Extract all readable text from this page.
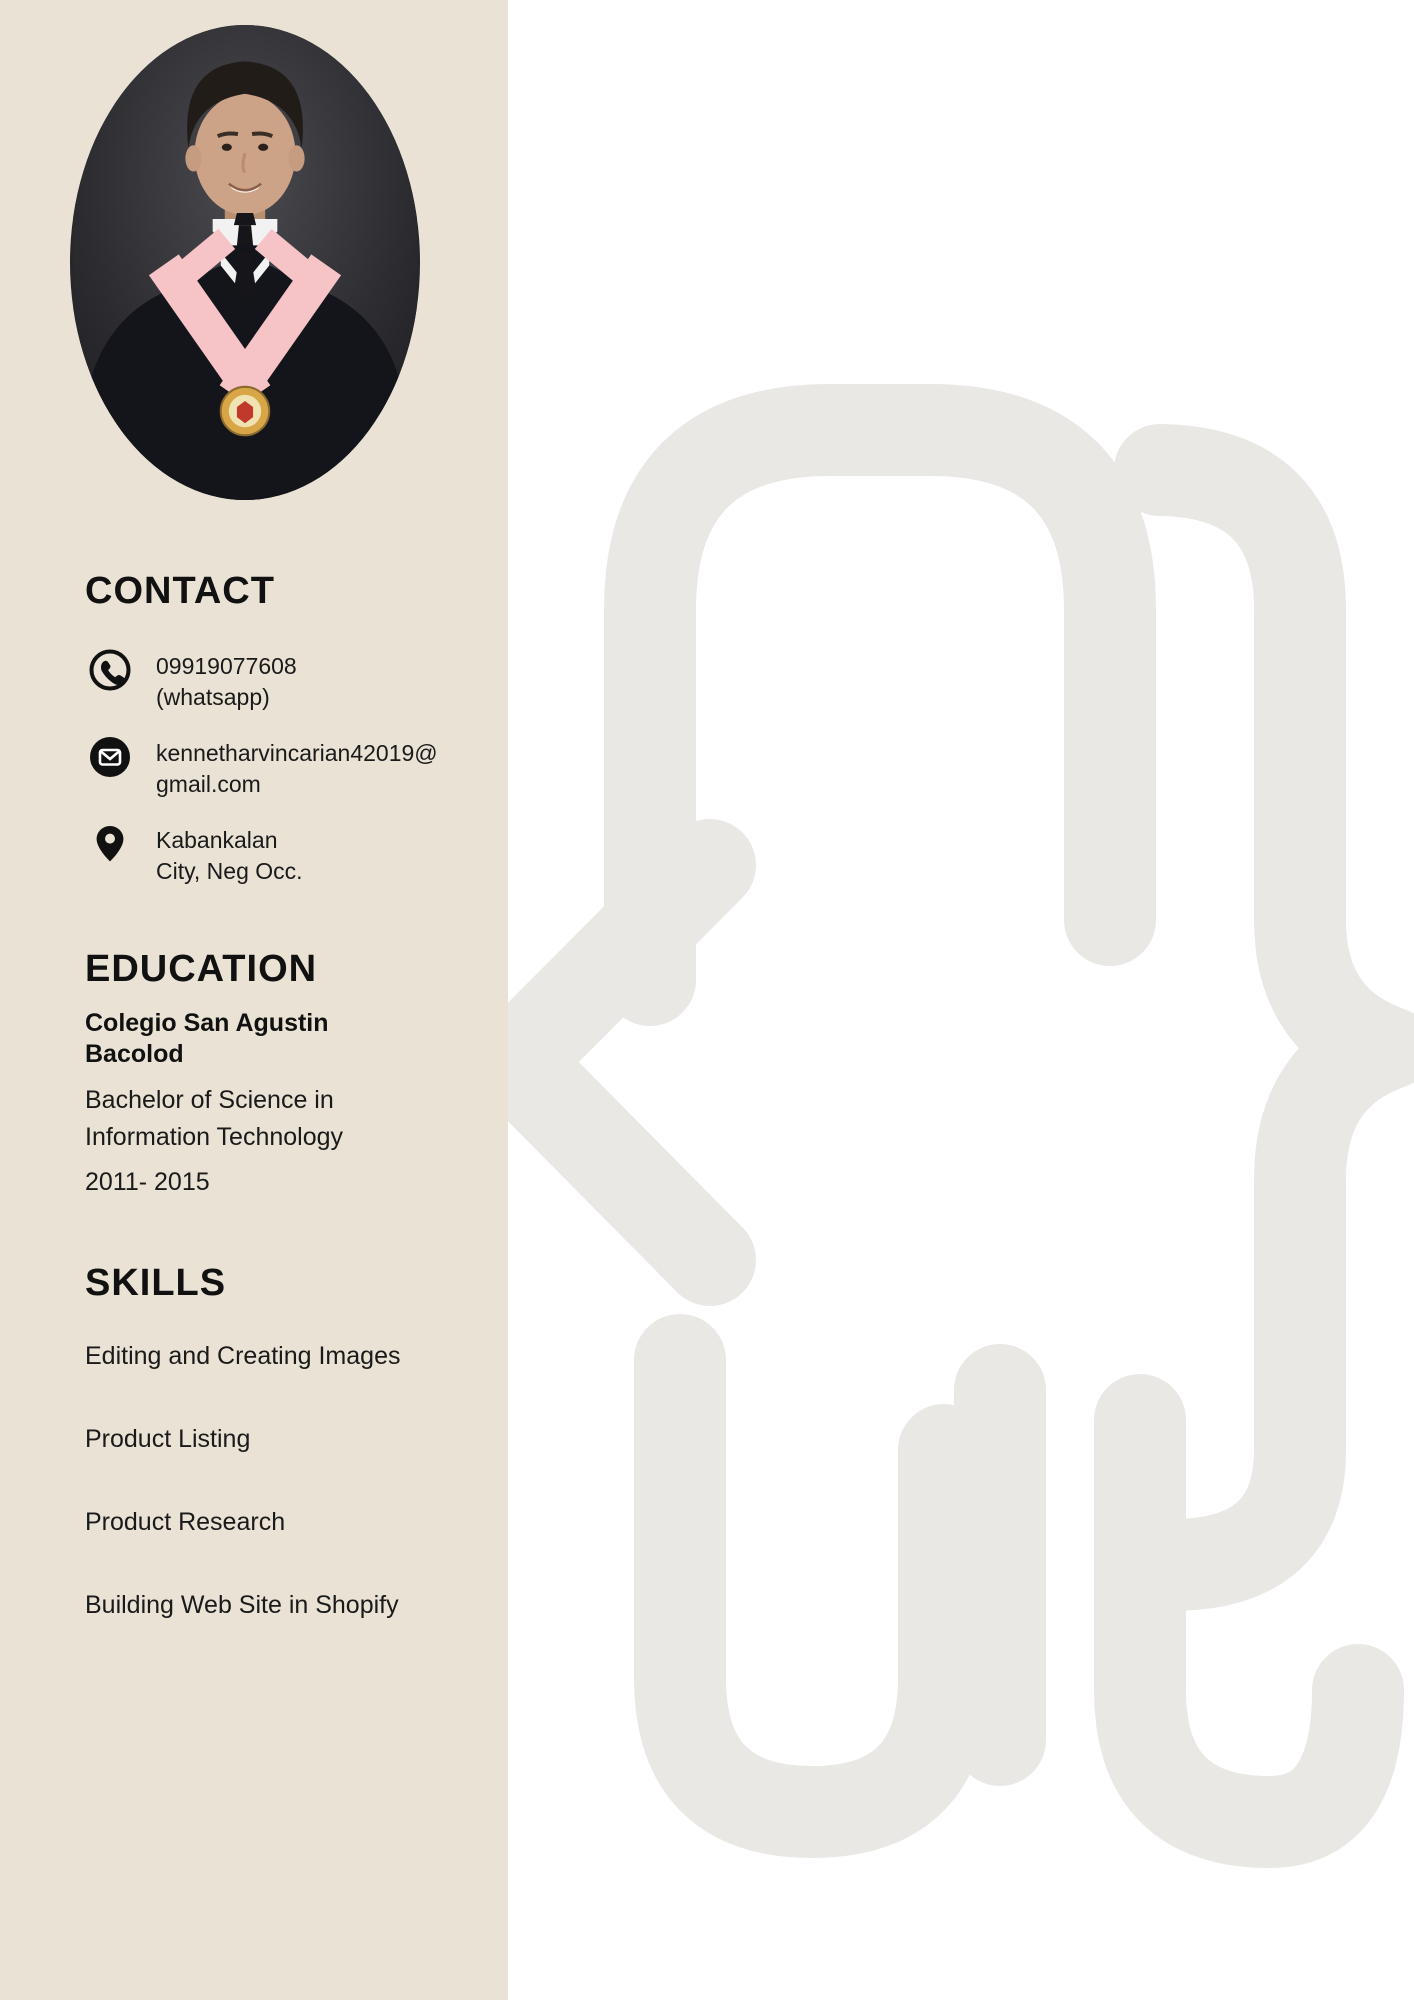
CONTACT
09919077608
(whatsapp)
kennetharvincarian42019@
gmail.com
Kabankalan
City, Neg Occ.
EDUCATION
Colegio San Agustin
Bacolod
Bachelor of Science in
Information Technology
2011- 2015
SKILLS
Editing and Creating Images
Product Listing
Product Research
Building Web Site in Shopify
